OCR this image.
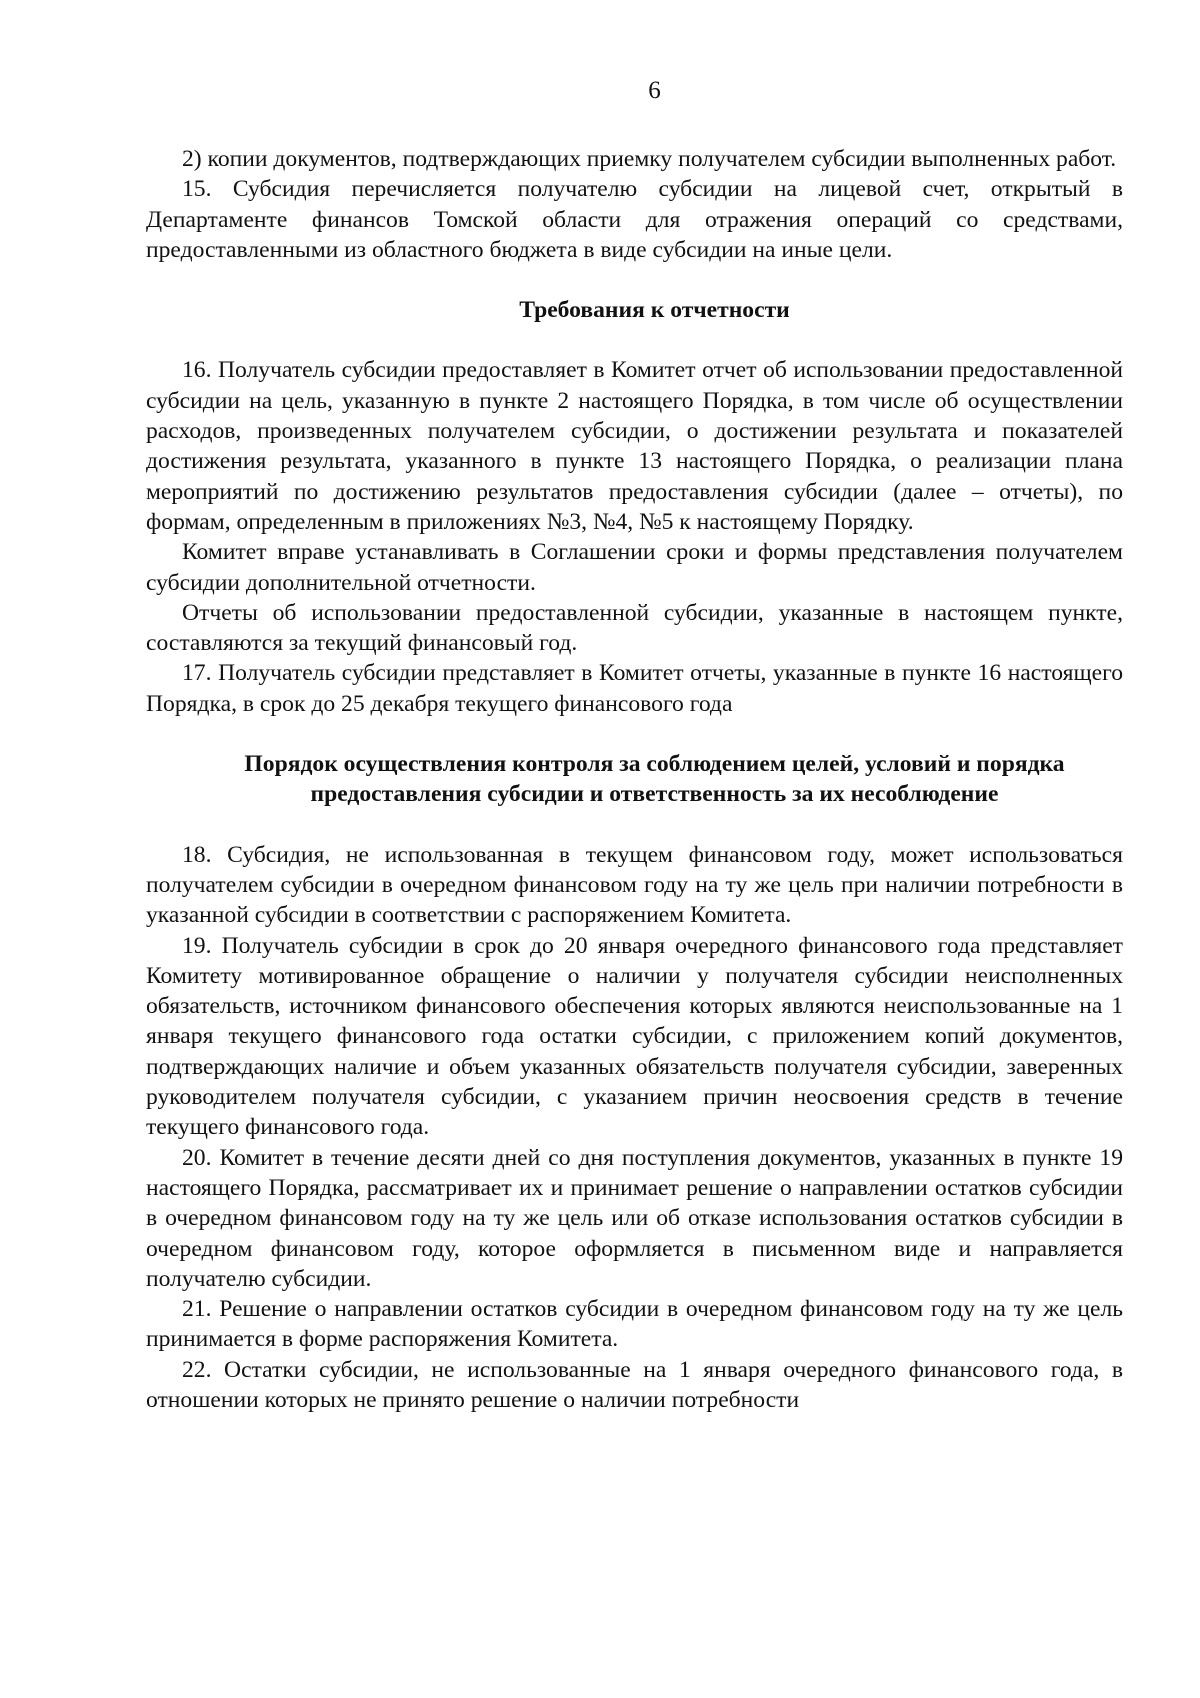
6

2) копии документов, подтверждающих приемку получателем субсидии выполненных работ.

15. Субсидия перечисляется получателю субсидии на лицевой счет, открытый в Департаменте финансов Томской области для отражения операций со средствами, предоставленными из областного бюджета в виде субсидии на иные цели.

Требования к отчетности

16. Получатель субсидии предоставляет в Комитет отчет об использовании предоставленной субсидии на цель, указанную в пункте 2 настоящего Порядка, в том числе об осуществлении расходов, произведенных получателем субсидии, о достижении результата и показателей достижения результата, указанного в пункте 13 настоящего Порядка, о реализации плана мероприятий по достижению результатов предоставления субсидии (далее – отчеты), по формам, определенным в приложениях №3, №4, №5 к настоящему Порядку.

Комитет вправе устанавливать в Соглашении сроки и формы представления получателем субсидии дополнительной отчетности.

Отчеты об использовании предоставленной субсидии, указанные в настоящем пункте, составляются за текущий финансовый год.

17. Получатель субсидии представляет в Комитет отчеты, указанные в пункте 16 настоящего Порядка, в срок до 25 декабря текущего финансового года

Порядок осуществления контроля за соблюдением целей, условий и порядка предоставления субсидии и ответственность за их несоблюдение

18. Субсидия, не использованная в текущем финансовом году, может использоваться получателем субсидии в очередном финансовом году на ту же цель при наличии потребности в указанной субсидии в соответствии с распоряжением Комитета.

19. Получатель субсидии в срок до 20 января очередного финансового года представляет Комитету мотивированное обращение о наличии у получателя субсидии неисполненных обязательств, источником финансового обеспечения которых являются неиспользованные на 1 января текущего финансового года остатки субсидии, с приложением копий документов, подтверждающих наличие и объем указанных обязательств получателя субсидии, заверенных руководителем получателя субсидии, с указанием причин неосвоения средств в течение текущего финансового года.

20. Комитет в течение десяти дней со дня поступления документов, указанных в пункте 19 настоящего Порядка, рассматривает их и принимает решение о направлении остатков субсидии в очередном финансовом году на ту же цель или об отказе использования остатков субсидии в очередном финансовом году, которое оформляется в письменном виде и направляется получателю субсидии.

21. Решение о направлении остатков субсидии в очередном финансовом году на ту же цель принимается в форме распоряжения Комитета.

22. Остатки субсидии, не использованные на 1 января очередного финансового года, в отношении которых не принято решение о наличии потребности
